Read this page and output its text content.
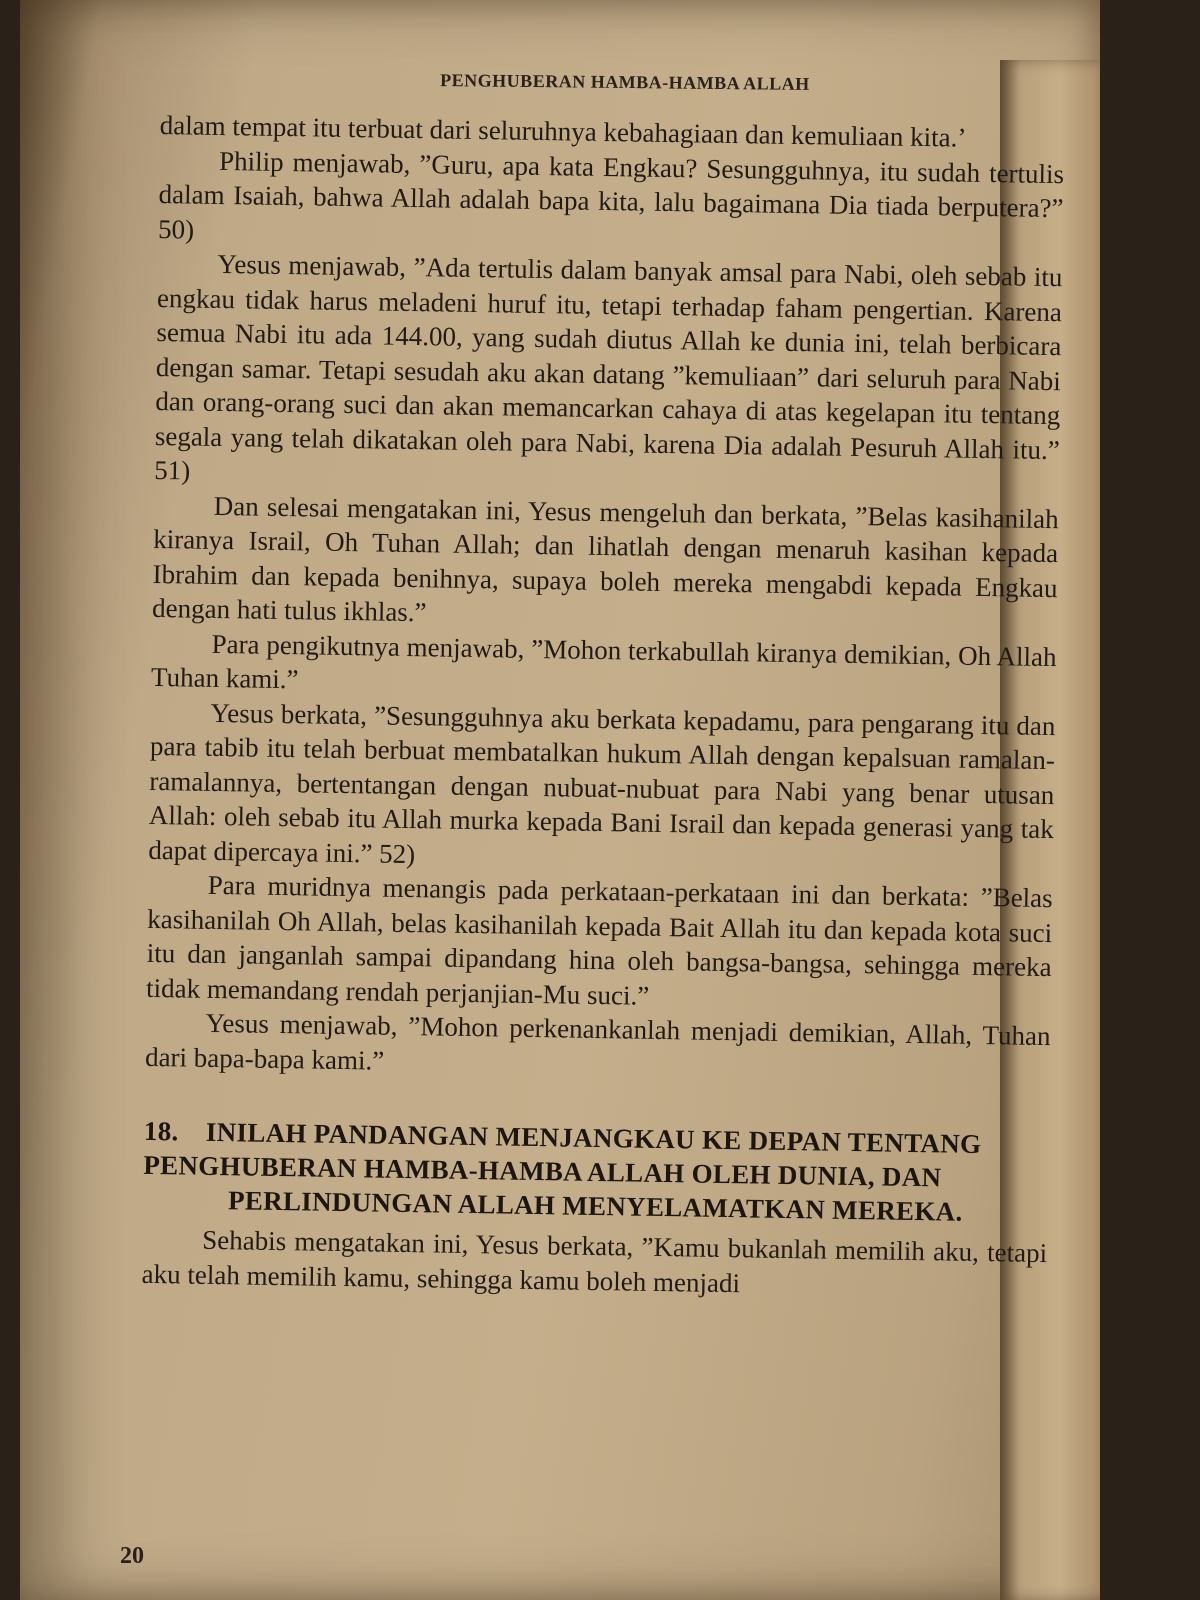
PENGHUBERAN HAMBA-HAMBA ALLAH

dalam tempat itu terbuat dari seluruhnya kebahagiaan dan kemuliaan kita.’

Philip menjawab, ”Guru, apa kata Engkau? Sesungguhnya, itu sudah tertulis dalam Isaiah, bahwa Allah adalah bapa kita, lalu bagaimana Dia tiada berputera?” 50)

Yesus menjawab, ”Ada tertulis dalam banyak amsal para Nabi, oleh sebab itu engkau tidak harus meladeni huruf itu, tetapi terhadap faham pengertian. Karena semua Nabi itu ada 144.00, yang sudah diutus Allah ke dunia ini, telah berbicara dengan samar. Tetapi sesudah aku akan datang ”kemuliaan” dari seluruh para Nabi dan orang-orang suci dan akan memancarkan cahaya di atas kegelapan itu tentang segala yang telah dikatakan oleh para Nabi, karena Dia adalah Pesuruh Allah itu.” 51)

Dan selesai mengatakan ini, Yesus mengeluh dan berkata, ”Belas kasihanilah kiranya Israil, Oh Tuhan Allah; dan lihatlah dengan menaruh kasihan kepada Ibrahim dan kepada benihnya, supaya boleh mereka mengabdi kepada Engkau dengan hati tulus ikhlas.”

Para pengikutnya menjawab, ”Mohon terkabullah kiranya demikian, Oh Allah Tuhan kami.”

Yesus berkata, ”Sesungguhnya aku berkata kepadamu, para pengarang itu dan para tabib itu telah berbuat membatalkan hukum Allah dengan kepalsuan ramalan-ramalannya, bertentangan dengan nubuat-nubuat para Nabi yang benar utusan Allah: oleh sebab itu Allah murka kepada Bani Israil dan kepada generasi yang tak dapat dipercaya ini.” 52)

Para muridnya menangis pada perkataan-perkataan ini dan berkata: ”Belas kasihanilah Oh Allah, belas kasihanilah kepada Bait Allah itu dan kepada kota suci itu dan janganlah sampai dipandang hina oleh bangsa-bangsa, sehingga mereka tidak memandang rendah perjanjian-Mu suci.”

Yesus menjawab, ”Mohon perkenankanlah menjadi demikian, Allah, Tuhan dari bapa-bapa kami.”

18. INILAH PANDANGAN MENJANGKAU KE DEPAN TENTANG PENGHUBERAN HAMBA-HAMBA ALLAH OLEH DUNIA, DAN
PERLINDUNGAN ALLAH MENYELAMATKAN MEREKA.

Sehabis mengatakan ini, Yesus berkata, ”Kamu bukanlah memilih aku, tetapi aku telah memilih kamu, sehingga kamu boleh menjadi

20
